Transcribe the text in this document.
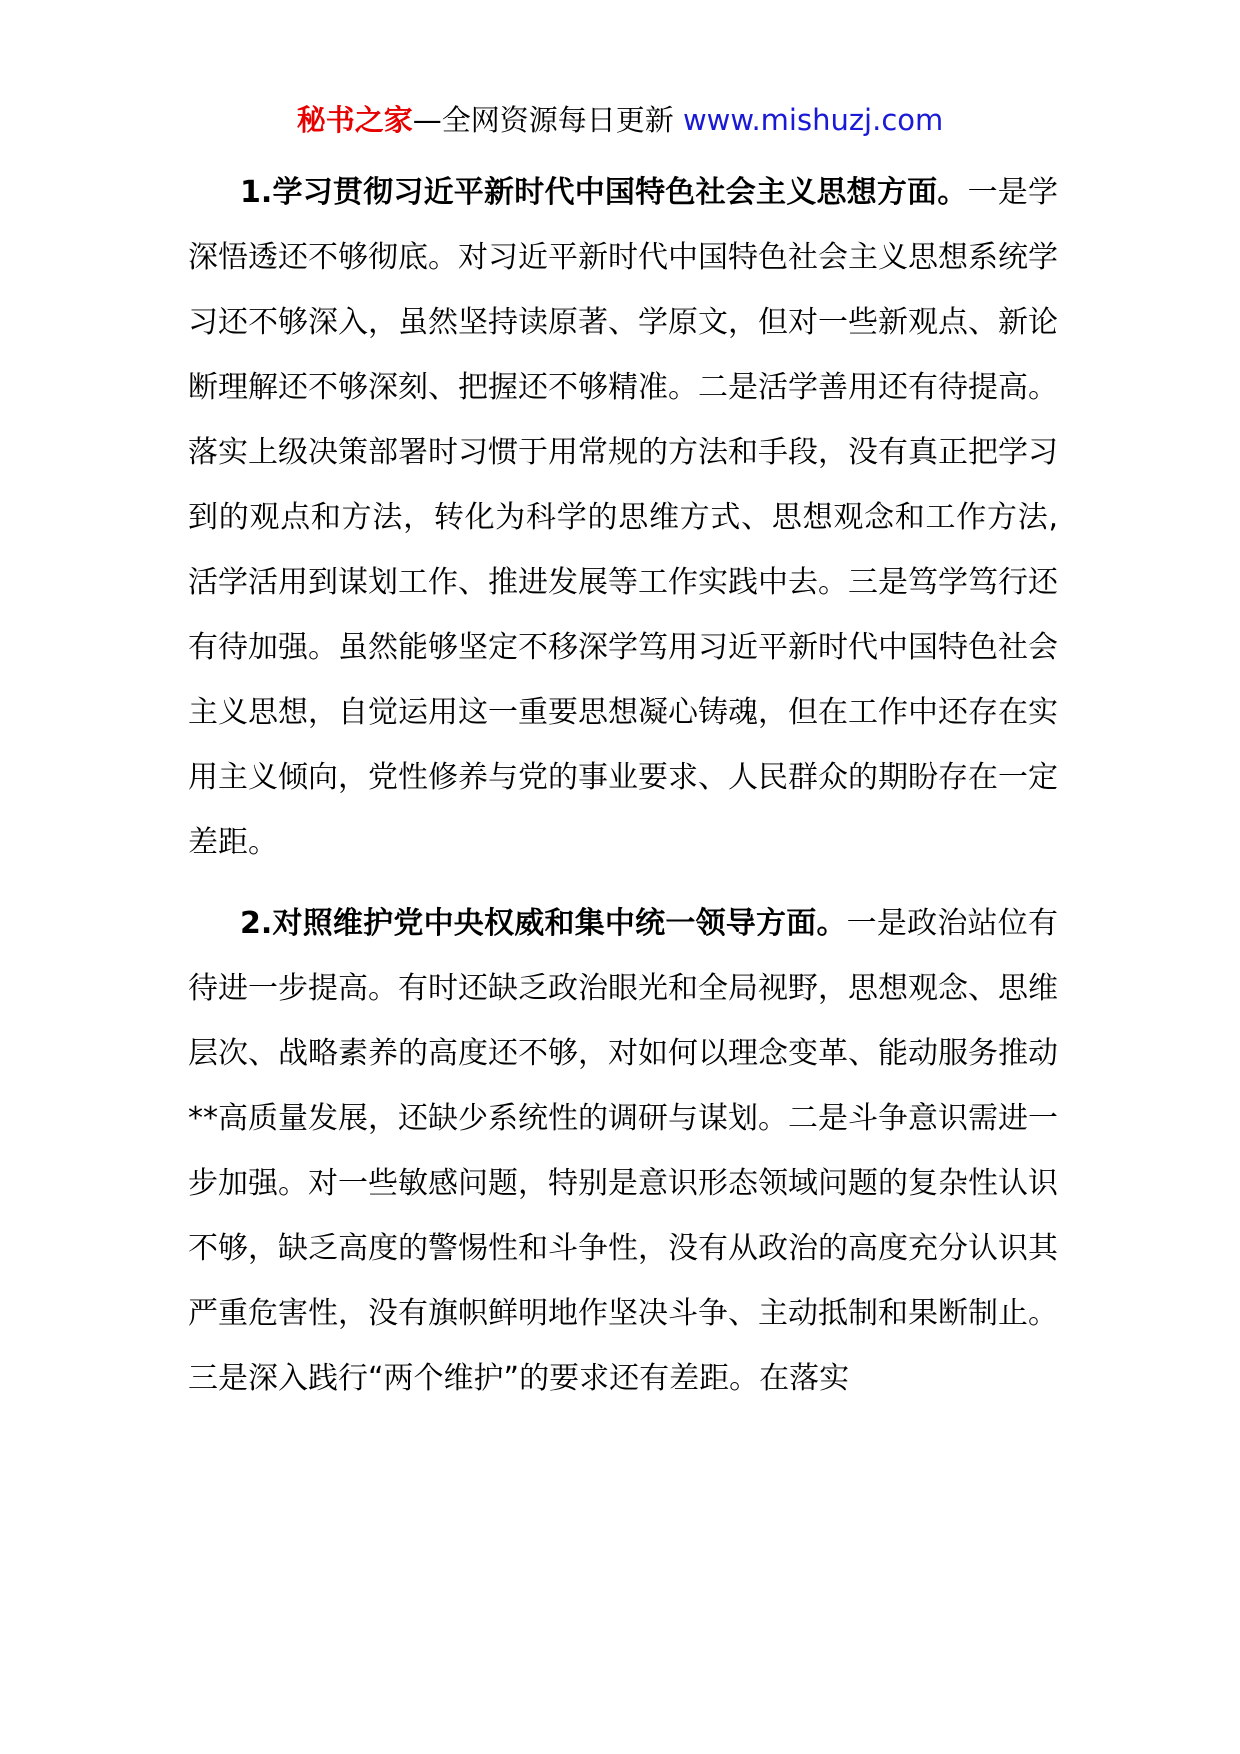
秘书之家—全网资源每日更新 www.mishuzj.com

1.学习贯彻习近平新时代中国特色社会主义思想方面。一是学深悟透还不够彻底。对习近平新时代中国特色社会主义思想系统学习还不够深入，虽然坚持读原著、学原文，但对一些新观点、新论断理解还不够深刻、把握还不够精准。二是活学善用还有待提高。落实上级决策部署时习惯于用常规的方法和手段，没有真正把学习到的观点和方法，转化为科学的思维方式、思想观念和工作方法,活学活用到谋划工作、推进发展等工作实践中去。三是笃学笃行还有待加强。虽然能够坚定不移深学笃用习近平新时代中国特色社会主义思想，自觉运用这一重要思想凝心铸魂，但在工作中还存在实用主义倾向，党性修养与党的事业要求、人民群众的期盼存在一定差距。

2.对照维护党中央权威和集中统一领导方面。一是政治站位有待进一步提高。有时还缺乏政治眼光和全局视野，思想观念、思维层次、战略素养的高度还不够，对如何以理念变革、能动服务推动**高质量发展，还缺少系统性的调研与谋划。二是斗争意识需进一步加强。对一些敏感问题，特别是意识形态领域问题的复杂性认识不够，缺乏高度的警惕性和斗争性，没有从政治的高度充分认识其严重危害性，没有旗帜鲜明地作坚决斗争、主动抵制和果断制止。三是深入践行“两个维护”的要求还有差距。在落实
